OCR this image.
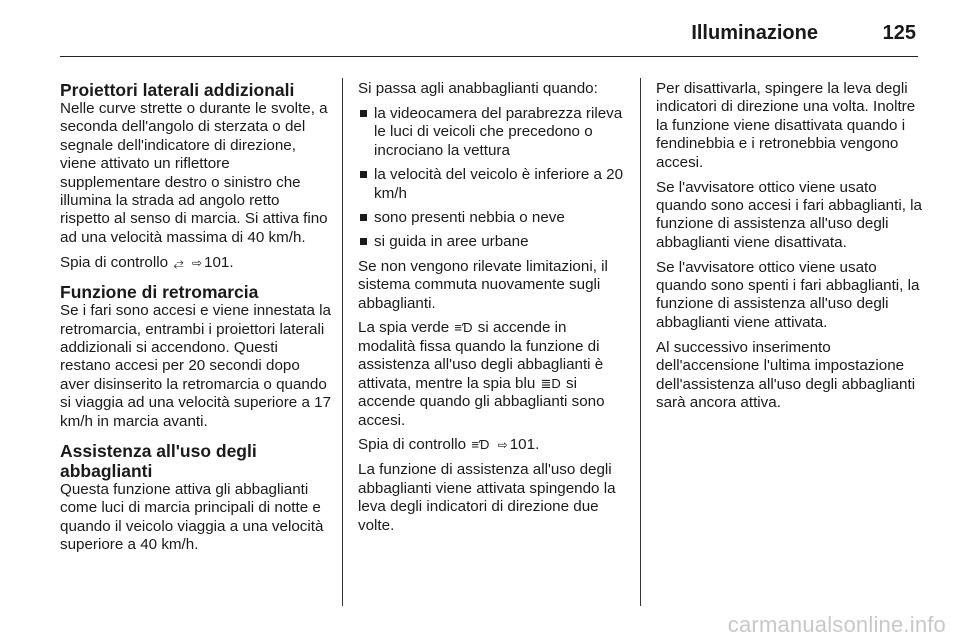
Illuminazione	125
Proiettori laterali addizionali

Nelle curve strette o durante le svolte, a seconda dell'angolo di sterzata o del segnale dell'indicatore di direzione, viene attivato un riflettore supplementare destro o sinistro che illumina la strada ad angolo retto rispetto al senso di marcia. Si attiva fino ad una velocità massima di 40 km/h.

Spia di controllo ⥄ ⇨ 101.

Funzione di retromarcia

Se i fari sono accesi e viene innestata la retromarcia, entrambi i proiettori laterali addizionali si accendono. Questi restano accesi per 20 secondi dopo aver disinserito la retromarcia o quando si viaggia ad una velocità superiore a 17 km/h in marcia avanti.

Assistenza all'uso degli abbaglianti

Questa funzione attiva gli abbaglianti come luci di marcia principali di notte e quando il veicolo viaggia a una velocità superiore a 40 km/h.

Si passa agli anabbaglianti quando:

la videocamera del parabrezza rileva le luci di veicoli che precedono o incrociano la vettura
la velocità del veicolo è inferiore a 20 km/h
sono presenti nebbia o neve
si guida in aree urbane

Se non vengono rilevate limitazioni, il sistema commuta nuovamente sugli abbaglianti.

La spia verde ≡Ɗ si accende in modalità fissa quando la funzione di assistenza all'uso degli abbaglianti è attivata, mentre la spia blu ≣D si accende quando gli abbaglianti sono accesi.

Spia di controllo ≡Ɗ ⇨ 101.

La funzione di assistenza all'uso degli abbaglianti viene attivata spingendo la leva degli indicatori di direzione due volte.

Per disattivarla, spingere la leva degli indicatori di direzione una volta. Inoltre la funzione viene disattivata quando i fendinebbia e i retronebbia vengono accesi.

Se l'avvisatore ottico viene usato quando sono accesi i fari abbaglianti, la funzione di assistenza all'uso degli abbaglianti viene disattivata.

Se l'avvisatore ottico viene usato quando sono spenti i fari abbaglianti, la funzione di assistenza all'uso degli abbaglianti viene attivata.

Al successivo inserimento dell'accensione l'ultima impostazione dell'assistenza all'uso degli abbaglianti sarà ancora attiva.

carmanualsonline.info
